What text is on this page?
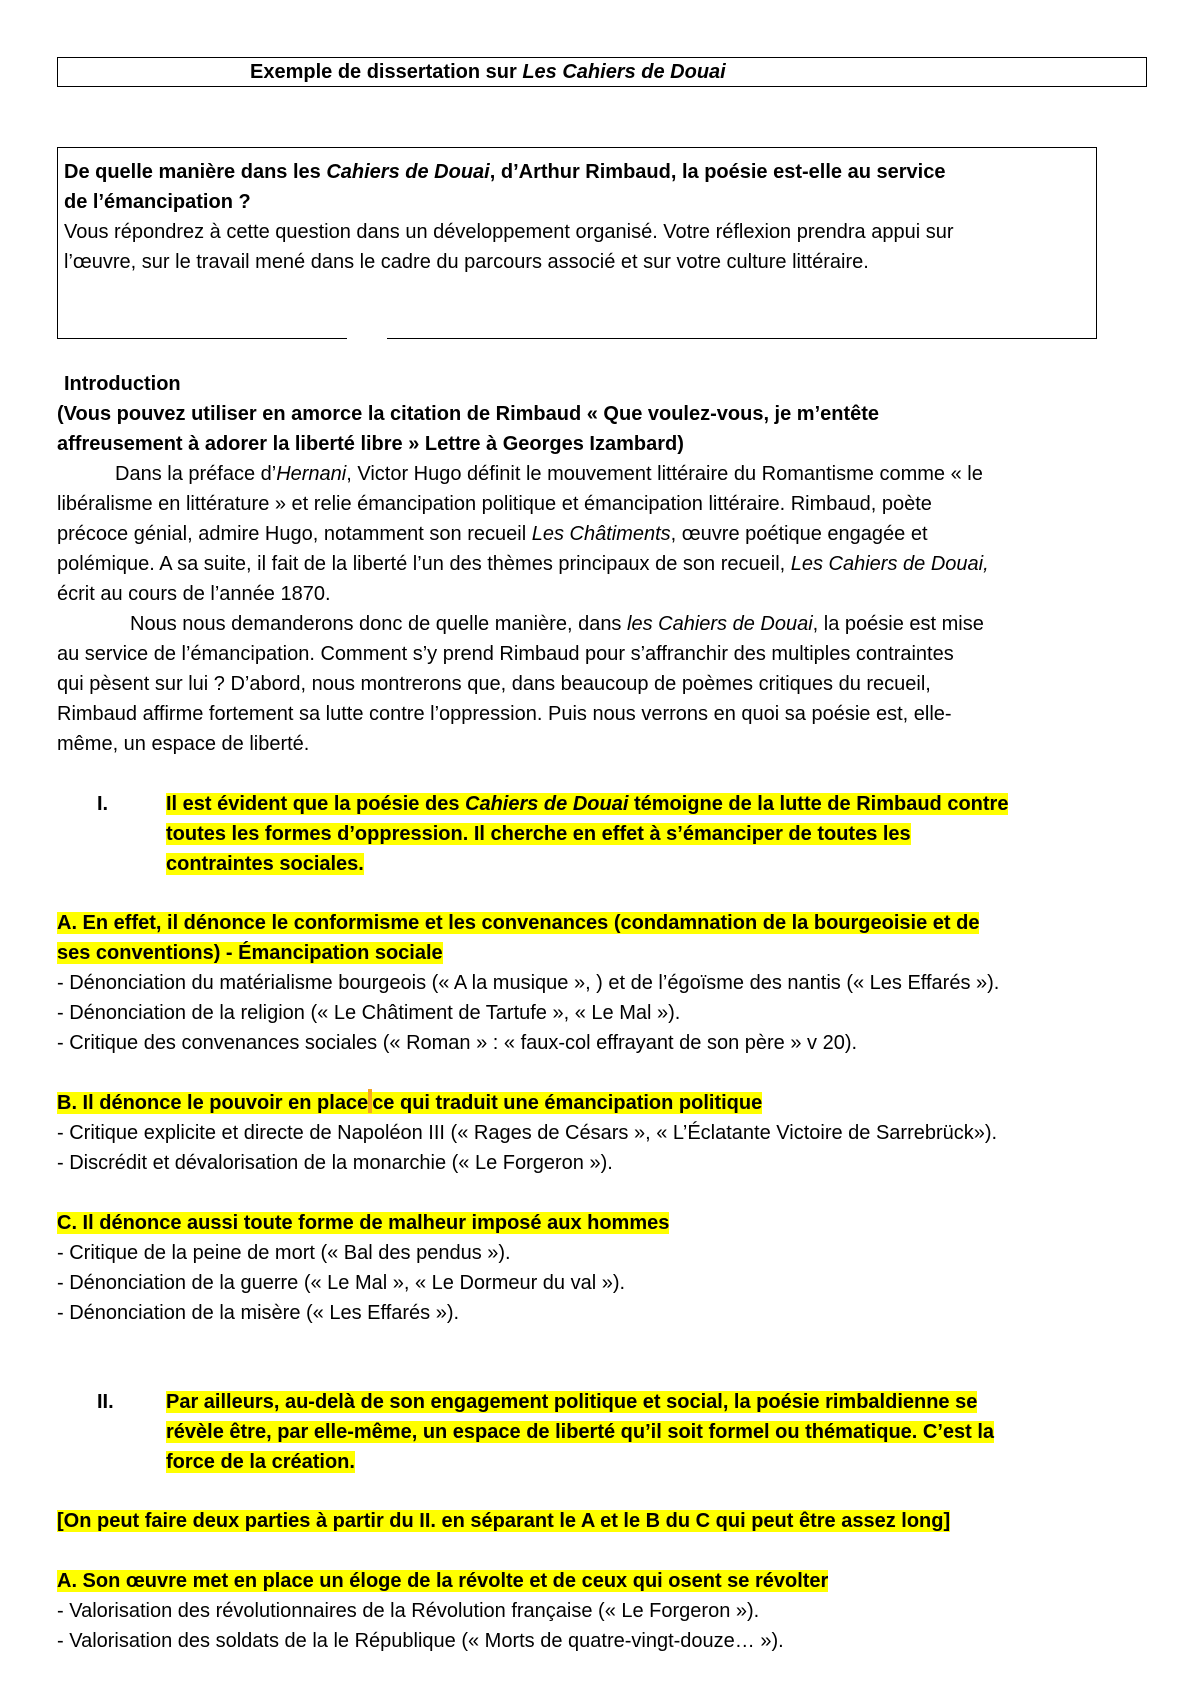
Exemple de dissertation sur Les Cahiers de Douai
De quelle manière dans les Cahiers de Douai, d’Arthur Rimbaud, la poésie est-elle au service
de l’émancipation ?
Vous répondrez à cette question dans un développement organisé. Votre réflexion prendra appui sur
l’œuvre, sur le travail mené dans le cadre du parcours associé et sur votre culture littéraire.
Introduction
(Vous pouvez utiliser en amorce la citation de Rimbaud « Que voulez-vous, je m’entête
affreusement à adorer la liberté libre » Lettre à Georges Izambard)
Dans la préface d’Hernani, Victor Hugo définit le mouvement littéraire du Romantisme comme « le
libéralisme en littérature » et relie émancipation politique et émancipation littéraire. Rimbaud, poète
précoce génial, admire Hugo, notamment son recueil Les Châtiments, œuvre poétique engagée et
polémique. A sa suite, il fait de la liberté l’un des thèmes principaux de son recueil, Les Cahiers de Douai,
écrit au cours de l’année 1870.
Nous nous demanderons donc de quelle manière, dans les Cahiers de Douai, la poésie est mise
au service de l’émancipation. Comment s’y prend Rimbaud pour s’affranchir des multiples contraintes
qui pèsent sur lui ? D’abord, nous montrerons que, dans beaucoup de poèmes critiques du recueil,
Rimbaud affirme fortement sa lutte contre l’oppression. Puis nous verrons en quoi sa poésie est, elle-
même, un espace de liberté.
I.	Il est évident que la poésie des Cahiers de Douai témoigne de la lutte de Rimbaud contre
toutes les formes d’oppression. Il cherche en effet à s’émanciper de toutes les
contraintes sociales.
A. En effet, il dénonce le conformisme et les convenances (condamnation de la bourgeoisie et de
ses conventions) - Émancipation sociale
- Dénonciation du matérialisme bourgeois (« A la musique », ) et de l’égoïsme des nantis (« Les Effarés »).
- Dénonciation de la religion (« Le Châtiment de Tartufe », « Le Mal »).
- Critique des convenances sociales (« Roman » : « faux-col effrayant de son père » v 20).
B. Il dénonce le pouvoir en place ce qui traduit une émancipation politique
- Critique explicite et directe de Napoléon III (« Rages de Césars », « L’Éclatante Victoire de Sarrebrück»).
- Discrédit et dévalorisation de la monarchie (« Le Forgeron »).
C. Il dénonce aussi toute forme de malheur imposé aux hommes
- Critique de la peine de mort (« Bal des pendus »).
- Dénonciation de la guerre (« Le Mal », « Le Dormeur du val »).
- Dénonciation de la misère (« Les Effarés »).
II.	Par ailleurs, au-delà de son engagement politique et social, la poésie rimbaldienne se
révèle être, par elle-même, un espace de liberté qu’il soit formel ou thématique. C’est la
force de la création.
[On peut faire deux parties à partir du II. en séparant le A et le B du C qui peut être assez long]
A. Son œuvre met en place un éloge de la révolte et de ceux qui osent se révolter
- Valorisation des révolutionnaires de la Révolution française (« Le Forgeron »).
- Valorisation des soldats de la le République (« Morts de quatre-vingt-douze… »).
